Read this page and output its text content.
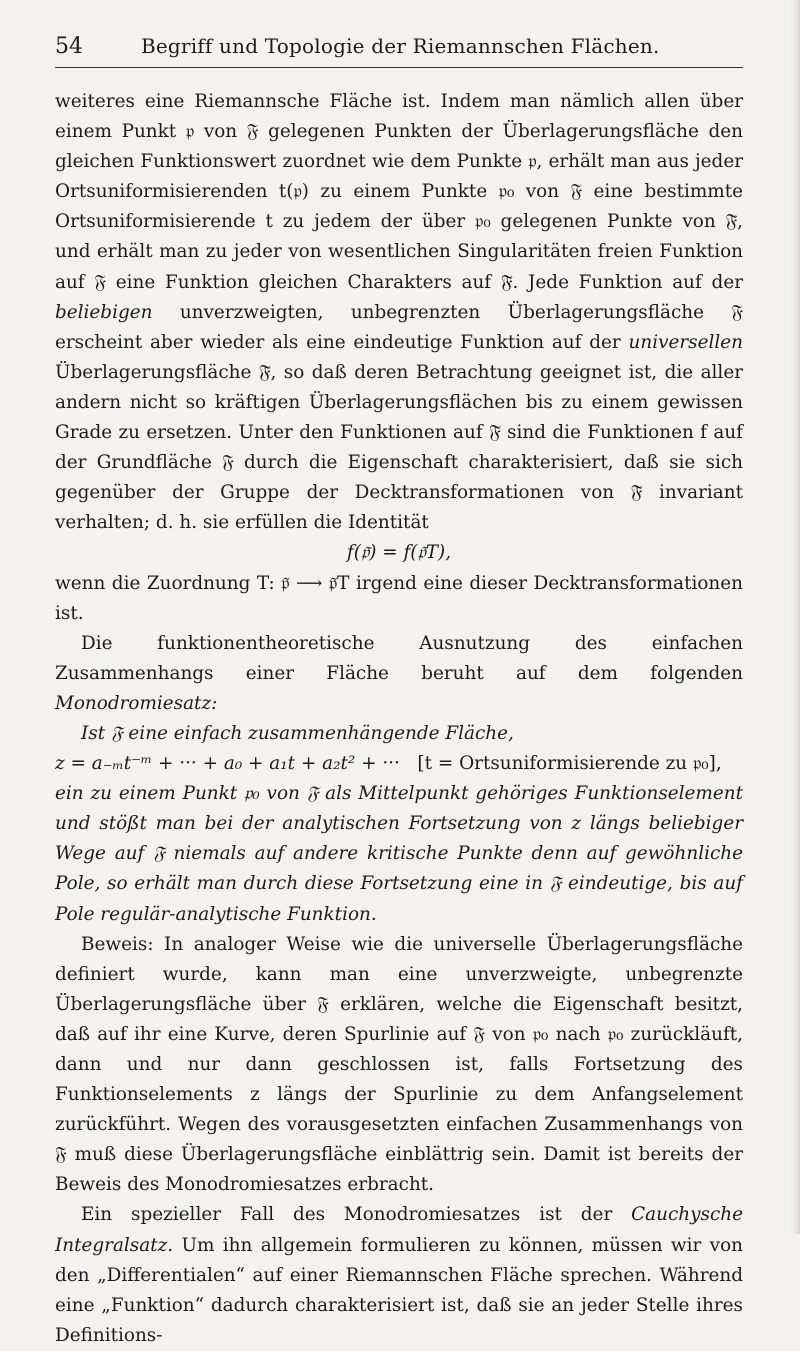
54	Begriff und Topologie der Riemannschen Flächen.

weiteres eine Riemannsche Fläche ist. Indem man nämlich allen über einem Punkt 𝔭 von 𝔉 gelegenen Punkten der Überlagerungsfläche den gleichen Funktionswert zuordnet wie dem Punkte 𝔭, erhält man aus jeder Ortsuniformisierenden t(𝔭) zu einem Punkte 𝔭₀ von 𝔉 eine bestimmte Ortsuniformisierende t zu jedem der über 𝔭₀ gelegenen Punkte von 𝔉̃, und erhält man zu jeder von wesentlichen Singularitäten freien Funktion auf 𝔉 eine Funktion gleichen Charakters auf 𝔉̃. Jede Funktion auf der beliebigen unverzweigten, unbegrenzten Überlagerungsfläche 𝔉 erscheint aber wieder als eine eindeutige Funktion auf der universellen Überlagerungsfläche 𝔉̃, so daß deren Betrachtung geeignet ist, die aller andern nicht so kräftigen Überlagerungsflächen bis zu einem gewissen Grade zu ersetzen. Unter den Funktionen auf 𝔉̃ sind die Funktionen f auf der Grundfläche 𝔉 durch die Eigenschaft charakterisiert, daß sie sich gegenüber der Gruppe der Decktransformationen von 𝔉̃ invariant verhalten; d. h. sie erfüllen die Identität

f(𝔭̃) = f(𝔭̃T),

wenn die Zuordnung T: 𝔭̃ ⟶ 𝔭̃T irgend eine dieser Decktransformationen ist.

Die funktionentheoretische Ausnutzung des einfachen Zusammenhangs einer Fläche beruht auf dem folgenden Monodromiesatz:

Ist 𝔉 eine einfach zusammenhängende Fläche,

z = a₋ₘt⁻ᵐ + ··· + a₀ + a₁t + a₂t² + ··· [t = Ortsuniformisierende zu 𝔭₀],

ein zu einem Punkt 𝔭₀ von 𝔉 als Mittelpunkt gehöriges Funktionselement und stößt man bei der analytischen Fortsetzung von z längs beliebiger Wege auf 𝔉 niemals auf andere kritische Punkte denn auf gewöhnliche Pole, so erhält man durch diese Fortsetzung eine in 𝔉 eindeutige, bis auf Pole regulär-analytische Funktion.

Beweis: In analoger Weise wie die universelle Überlagerungsfläche definiert wurde, kann man eine unverzweigte, unbegrenzte Überlagerungsfläche über 𝔉 erklären, welche die Eigenschaft besitzt, daß auf ihr eine Kurve, deren Spurlinie auf 𝔉 von 𝔭₀ nach 𝔭₀ zurückläuft, dann und nur dann geschlossen ist, falls Fortsetzung des Funktionselements z längs der Spurlinie zu dem Anfangselement zurückführt. Wegen des vorausgesetzten einfachen Zusammenhangs von 𝔉 muß diese Überlagerungsfläche einblättrig sein. Damit ist bereits der Beweis des Monodromiesatzes erbracht.

Ein spezieller Fall des Monodromiesatzes ist der Cauchysche Integralsatz. Um ihn allgemein formulieren zu können, müssen wir von den „Differentialen“ auf einer Riemannschen Fläche sprechen. Während eine „Funktion“ dadurch charakterisiert ist, daß sie an jeder Stelle ihres Definitions-
